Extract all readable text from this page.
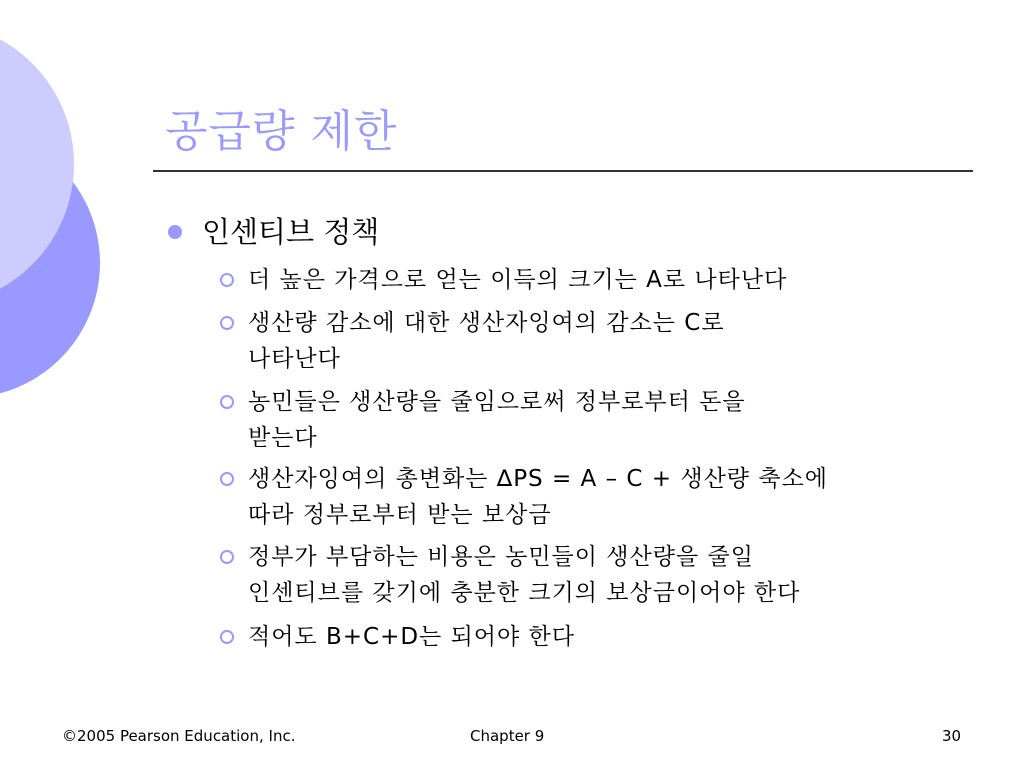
공급량 제한
인센티브 정책
더 높은 가격으로 얻는 이득의 크기는 A로 나타난다
생산량 감소에 대한 생산자잉여의 감소는 C로
나타난다
농민들은 생산량을 줄임으로써 정부로부터 돈을
받는다
생산자잉여의 총변화는 ∆PS = A – C + 생산량 축소에
따라 정부로부터 받는 보상금
정부가 부담하는 비용은 농민들이 생산량을 줄일
인센티브를 갖기에 충분한 크기의 보상금이어야 한다
적어도 B+C+D는 되어야 한다
©2005 Pearson Education, Inc.	Chapter 9	30
